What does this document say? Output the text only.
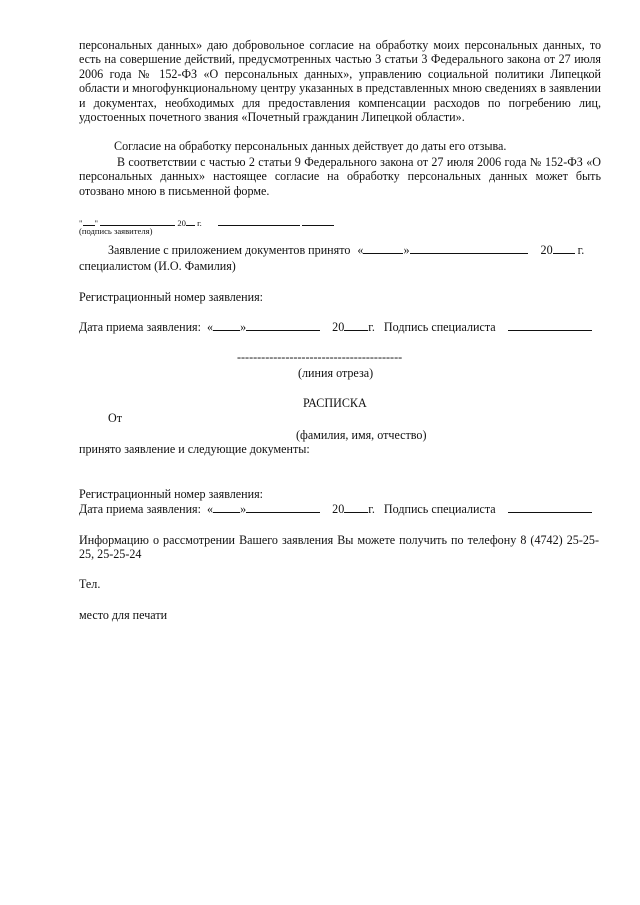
персональных данных» даю добровольное согласие на обработку моих персональных данных, то есть на совершение действий, предусмотренных частью 3 статьи 3 Федерального закона от 27 июля 2006 года № 152-ФЗ «О персональных данных», управлению социальной политики Липецкой области и многофункциональному центру указанных в представленных мною сведениях в заявлении и документах, необходимых для предоставления компенсации расходов по погребению лиц, удостоенных почетного звания «Почетный гражданин Липецкой области».
Согласие на обработку персональных данных действует до даты его отзыва.
В соответствии с частью 2 статьи 9 Федерального закона от 27 июля 2006 года № 152-ФЗ «О персональных данных» настоящее согласие на обработку персональных данных может быть отозвано мною в письменной форме.
" "	20 г.
(подпись заявителя)
Заявление с приложением документов принято «	»	20 г.
специалистом (И.О. Фамилия)
Регистрационный номер заявления:
Дата приема заявления: « »	20 г. Подпись специалиста
-----------------------------------------
(линия отреза)
РАСПИСКА
От
(фамилия, имя, отчество)
принято заявление и следующие документы:
Регистрационный номер заявления:
Дата приема заявления: « »	20 г. Подпись специалиста
Информацию о рассмотрении Вашего заявления Вы можете получить по телефону 8 (4742) 25-25-25, 25-25-24
Тел.
место для печати
